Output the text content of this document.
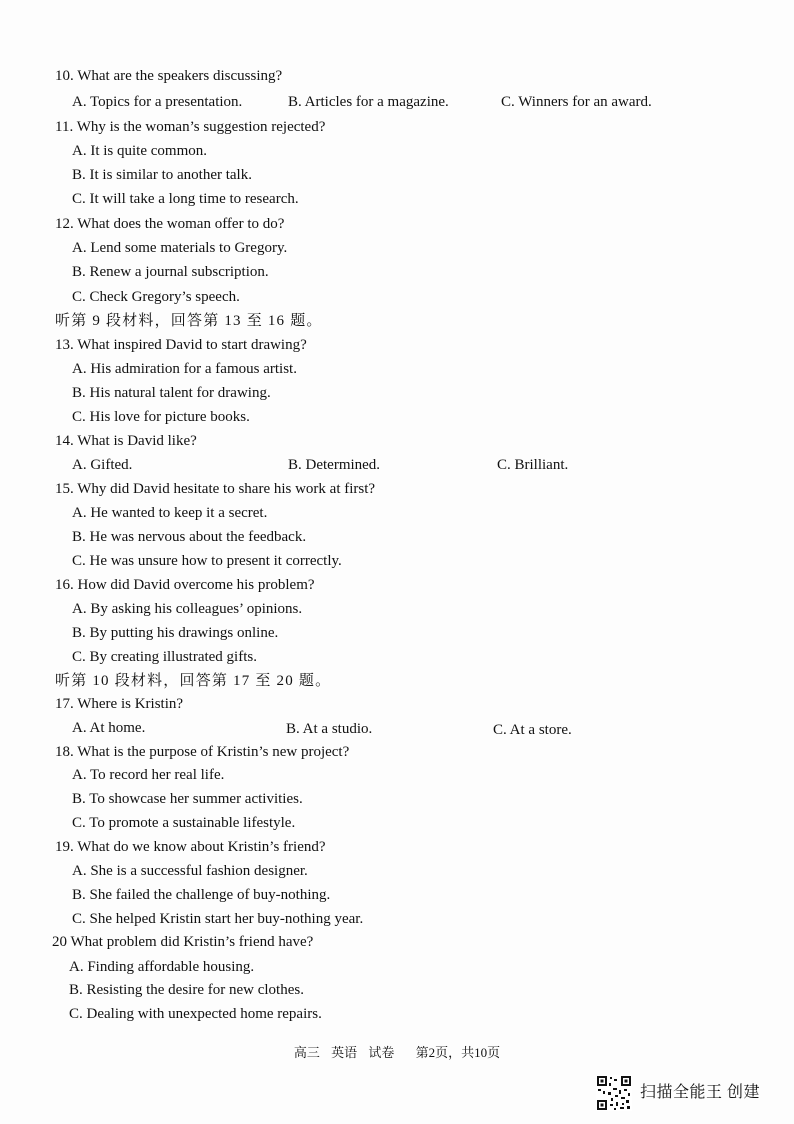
10. What are the speakers discussing?
A. Topics for a presentation.	B. Articles for a magazine.	C. Winners for an award.
11. Why is the woman’s suggestion rejected?
A. It is quite common.
B. It is similar to another talk.
C. It will take a long time to research.
12. What does the woman offer to do?
A. Lend some materials to Gregory.
B. Renew a journal subscription.
C. Check Gregory’s speech.
听第 9 段材料，回答第 13 至 16 题。
13. What inspired David to start drawing?
A. His admiration for a famous artist.
B. His natural talent for drawing.
C. His love for picture books.
14. What is David like?
A. Gifted.	B. Determined.	C. Brilliant.
15. Why did David hesitate to share his work at first?
A. He wanted to keep it a secret.
B. He was nervous about the feedback.
C. He was unsure how to present it correctly.
16. How did David overcome his problem?
A. By asking his colleagues’ opinions.
B. By putting his drawings online.
C. By creating illustrated gifts.
听第 10 段材料，回答第 17 至 20 题。
17. Where is Kristin?
A. At home.	B. At a studio.	C. At a store.
18. What is the purpose of Kristin’s new project?
A. To record her real life.
B. To showcase her summer activities.
C. To promote a sustainable lifestyle.
19. What do we know about Kristin’s friend?
A. She is a successful fashion designer.
B. She failed the challenge of buy-nothing.
C. She helped Kristin start her buy-nothing year.
20 What problem did Kristin’s friend have?
A. Finding affordable housing.
B. Resisting the desire for new clothes.
C. Dealing with unexpected home repairs.
高三 英语 试卷 第2页，共10页
扫描全能王 创建
